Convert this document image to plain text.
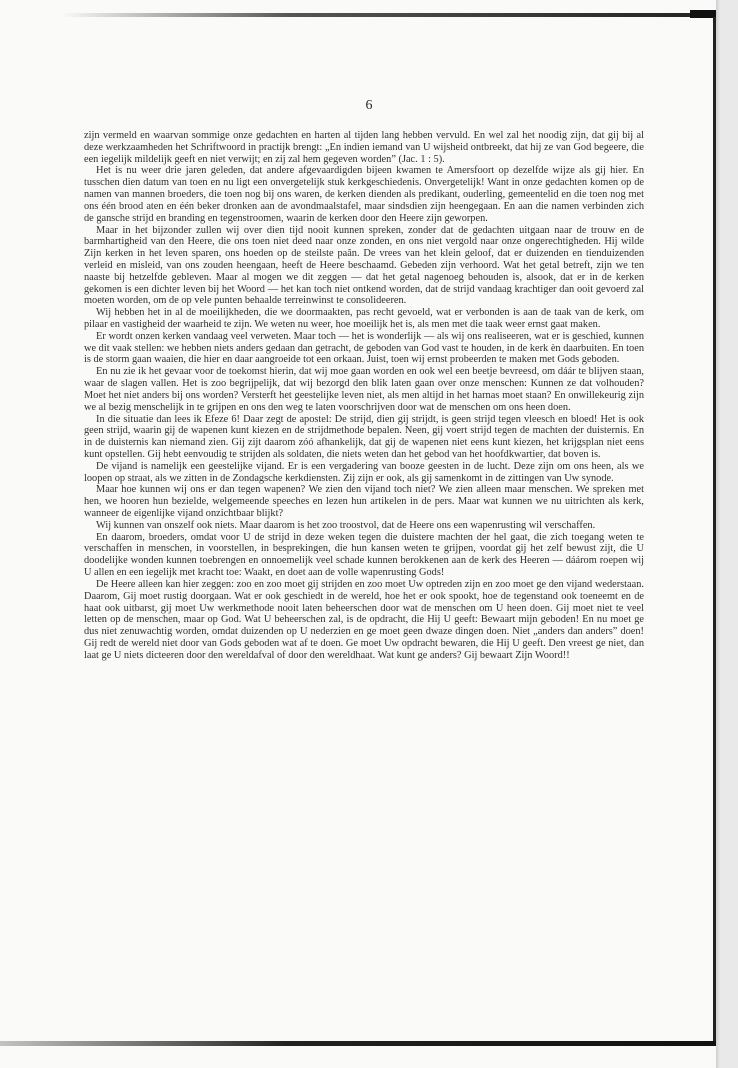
6

zijn vermeld en waarvan sommige onze gedachten en harten al tijden lang hebben vervuld. En wel zal het noodig zijn, dat gij bij al deze werkzaamheden het Schriftwoord in practijk brengt: „En indien iemand van U wijsheid ontbreekt, dat hij ze van God begeere, die een iegelijk mildelijk geeft en niet verwijt; en zij zal hem gegeven worden” (Jac. 1 : 5).

Het is nu weer drie jaren geleden, dat andere afgevaardigden bijeen kwamen te Amersfoort op dezelfde wijze als gij hier. En tusschen dien datum van toen en nu ligt een onvergetelijk stuk kerkgeschiedenis. Onvergetelijk! Want in onze gedachten komen op de namen van mannen broeders, die toen nog bij ons waren, de kerken dienden als predikant, ouderling, gemeentelid en die toen nog met ons één brood aten en één beker dronken aan de avondmaalstafel, maar sindsdien zijn heengegaan. En aan die namen verbinden zich de gansche strijd en branding en tegenstroomen, waarin de kerken door den Heere zijn geworpen.

Maar in het bijzonder zullen wij over dien tijd nooit kunnen spreken, zonder dat de gedachten uitgaan naar de trouw en de barmhartigheid van den Heere, die ons toen niet deed naar onze zonden, en ons niet vergold naar onze ongerechtigheden. Hij wilde Zijn kerken in het leven sparen, ons hoeden op de steilste paân. De vrees van het klein geloof, dat er duizenden en tienduizenden verleid en misleid, van ons zouden heengaan, heeft de Heere beschaamd. Gebeden zijn verhoord. Wat het getal betreft, zijn we ten naaste bij hetzelfde gebleven. Maar al mogen we dit zeggen — dat het getal nagenoeg behouden is, alsook, dat er in de kerken gekomen is een dichter leven bij het Woord — het kan toch niet ontkend worden, dat de strijd vandaag krachtiger dan ooit gevoerd zal moeten worden, om de op vele punten behaalde terreinwinst te consolideeren.

Wij hebben het in al de moeilijkheden, die we doormaakten, pas recht gevoeld, wat er verbonden is aan de taak van de kerk, om pilaar en vastigheid der waarheid te zijn. We weten nu weer, hoe moeilijk het is, als men met die taak weer ernst gaat maken.

Er wordt onzen kerken vandaag veel verweten. Maar toch — het is wonderlijk — als wij ons realiseeren, wat er is geschied, kunnen we dit vaak stellen: we hebben niets anders gedaan dan getracht, de geboden van God vast te houden, in de kerk èn daarbuiten. En toen is de storm gaan waaien, die hier en daar aangroeide tot een orkaan. Juist, toen wij ernst probeerden te maken met Gods geboden.

En nu zie ik het gevaar voor de toekomst hierin, dat wij moe gaan worden en ook wel een beetje bevreesd, om dáár te blijven staan, waar de slagen vallen. Het is zoo begrijpelijk, dat wij bezorgd den blik laten gaan over onze menschen: Kunnen ze dat volhouden? Moet het niet anders bij ons worden? Versterft het geestelijke leven niet, als men altijd in het harnas moet staan? En onwillekeurig zijn we al bezig menschelijk in te grijpen en ons den weg te laten voorschrijven door wat de menschen om ons heen doen.

In die situatie dan lees ik Efeze 6! Daar zegt de apostel: De strijd, dien gij strijdt, is geen strijd tegen vleesch en bloed! Het is ook geen strijd, waarin gij de wapenen kunt kiezen en de strijdmethode bepalen. Neen, gij voert strijd tegen de machten der duisternis. En in de duisternis kan niemand zien. Gij zijt daarom zóó afhankelijk, dat gij de wapenen niet eens kunt kiezen, het krijgsplan niet eens kunt opstellen. Gij hebt eenvoudig te strijden als soldaten, die niets weten dan het gebod van het hoofdkwartier, dat boven is.

De vijand is namelijk een geestelijke vijand. Er is een vergadering van booze geesten in de lucht. Deze zijn om ons heen, als we loopen op straat, als we zitten in de Zondagsche kerkdiensten. Zij zijn er ook, als gij samenkomt in de zittingen van Uw synode.

Maar hoe kunnen wij ons er dan tegen wapenen? We zien den vijand toch niet? We zien alleen maar menschen. We spreken met hen, we hooren hun bezielde, welgemeende speeches en lezen hun artikelen in de pers. Maar wat kunnen we nu uitrichten als kerk, wanneer de eigenlijke vijand onzichtbaar blijkt?

Wij kunnen van onszelf ook niets. Maar daarom is het zoo troostvol, dat de Heere ons een wapenrusting wil verschaffen.

En daarom, broeders, omdat voor U de strijd in deze weken tegen die duistere machten der hel gaat, die zich toegang weten te verschaffen in menschen, in voorstellen, in besprekingen, die hun kansen weten te grijpen, voordat gij het zelf bewust zijt, die U doodelijke wonden kunnen toebrengen en onnoemelijk veel schade kunnen berokkenen aan de kerk des Heeren — dáárom roepen wij U allen en een iegelijk met kracht toe: Waakt, en doet aan de volle wapenrusting Gods!

De Heere alleen kan hier zeggen: zoo en zoo moet gij strijden en zoo moet Uw optreden zijn en zoo moet ge den vijand wederstaan. Daarom, Gij moet rustig doorgaan. Wat er ook geschiedt in de wereld, hoe het er ook spookt, hoe de tegenstand ook toeneemt en de haat ook uitbarst, gij moet Uw werkmethode nooit laten beheerschen door wat de menschen om U heen doen. Gij moet niet te veel letten op de menschen, maar op God. Wat U beheerschen zal, is de opdracht, die Hij U geeft: Bewaart mijn geboden! En nu moet ge dus niet zenuwachtig worden, omdat duizenden op U nederzien en ge moet geen dwaze dingen doen. Niet „anders dan anders” doen! Gij redt de wereld niet door van Gods geboden wat af te doen. Ge moet Uw opdracht bewaren, die Hij U geeft. Den vreest ge niet, dan laat ge U niets dicteeren door den wereldafval of door den wereldhaat. Wat kunt ge anders? Gij bewaart Zijn Woord!!
